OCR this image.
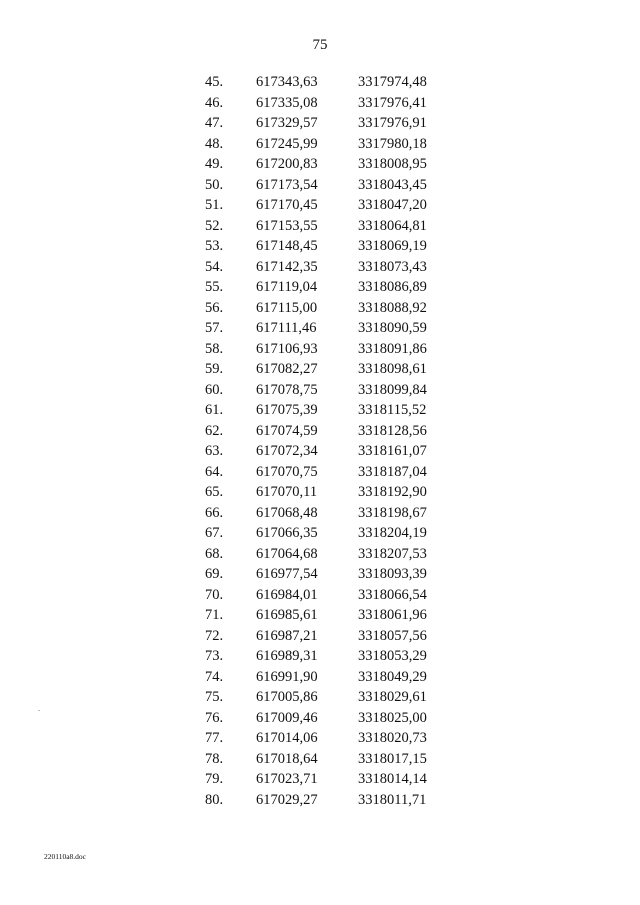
75
45. 617343,63	3317974,48
46. 617335,08	3317976,41
47. 617329,57	3317976,91
48. 617245,99	3317980,18
49. 617200,83	3318008,95
50. 617173,54	3318043,45
51. 617170,45	3318047,20
52. 617153,55	3318064,81
53. 617148,45	3318069,19
54. 617142,35	3318073,43
55. 617119,04	3318086,89
56. 617115,00	3318088,92
57. 617111,46	3318090,59
58. 617106,93	3318091,86
59. 617082,27	3318098,61
60. 617078,75	3318099,84
61. 617075,39	3318115,52
62. 617074,59	3318128,56
63. 617072,34	3318161,07
64. 617070,75	3318187,04
65. 617070,11	3318192,90
66. 617068,48	3318198,67
67. 617066,35	3318204,19
68. 617064,68	3318207,53
69. 616977,54	3318093,39
70. 616984,01	3318066,54
71. 616985,61	3318061,96
72. 616987,21	3318057,56
73. 616989,31	3318053,29
74. 616991,90	3318049,29
75. 617005,86	3318029,61
76. 617009,46	3318025,00
77. 617014,06	3318020,73
78. 617018,64	3318017,15
79. 617023,71	3318014,14
80. 617029,27	3318011,71
220110a8.doc
